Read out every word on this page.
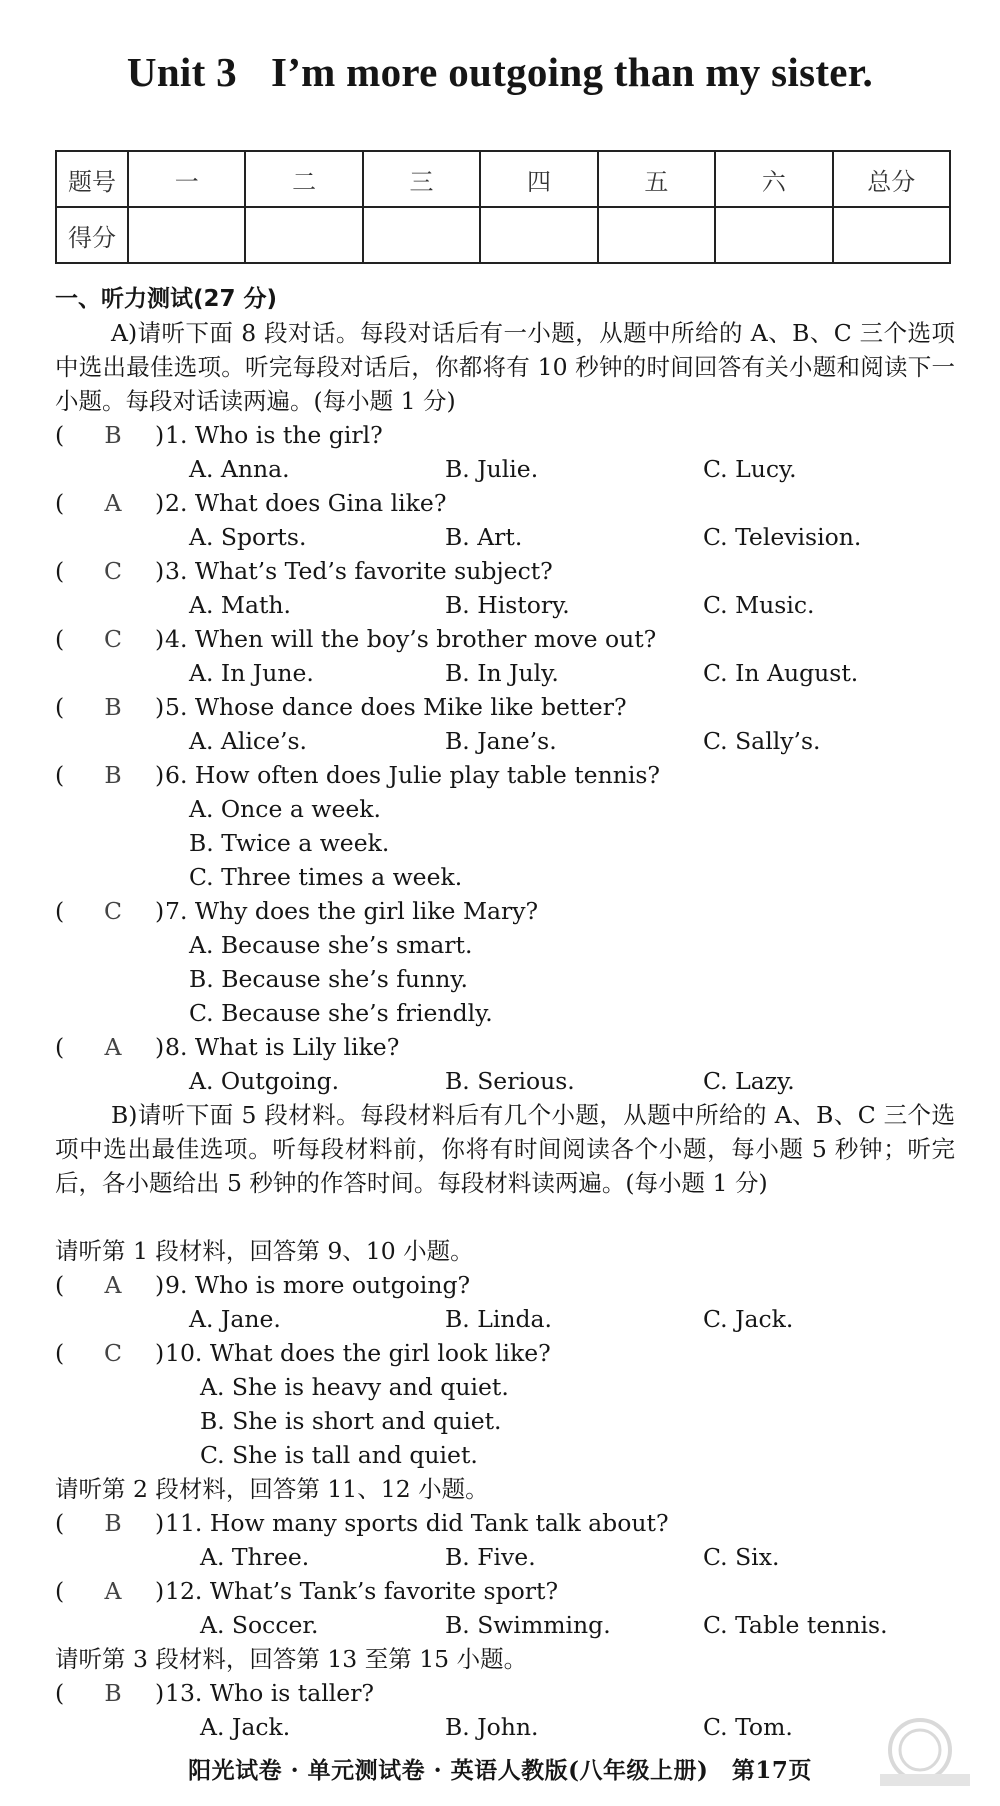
Unit 3 I’m more outgoing than my sister.
题号	一	二	三	四	五	六	总分
得分							
一、听力测试(27 分)
A)请听下面 8 段对话。每段对话后有一小题，从题中所给的 A、B、C 三个选项中选出最佳选项。听完每段对话后，你都将有 10 秒钟的时间回答有关小题和阅读下一小题。每段对话读两遍。(每小题 1 分)
(	B	) 1. Who is the girl?
A. Anna.	B. Julie.	C. Lucy.
(	A	) 2. What does Gina like?
A. Sports.	B. Art.	C. Television.
(	C	) 3. What’s Ted’s favorite subject?
A. Math.	B. History.	C. Music.
(	C	) 4. When will the boy’s brother move out?
A. In June.	B. In July.	C. In August.
(	B	) 5. Whose dance does Mike like better?
A. Alice’s.	B. Jane’s.	C. Sally’s.
(	B	) 6. How often does Julie play table tennis?
A. Once a week.
B. Twice a week.
C. Three times a week.
(	C	) 7. Why does the girl like Mary?
A. Because she’s smart.
B. Because she’s funny.
C. Because she’s friendly.
(	A	) 8. What is Lily like?
A. Outgoing.	B. Serious.	C. Lazy.
B)请听下面 5 段材料。每段材料后有几个小题，从题中所给的 A、B、C 三个选项中选出最佳选项。听每段材料前，你将有时间阅读各个小题，每小题 5 秒钟；听完后，各小题给出 5 秒钟的作答时间。每段材料读两遍。(每小题 1 分)
请听第 1 段材料，回答第 9、10 小题。
(	A	) 9. Who is more outgoing?
A. Jane.	B. Linda.	C. Jack.
(	C	) 10. What does the girl look like?
A. She is heavy and quiet.
B. She is short and quiet.
C. She is tall and quiet.
请听第 2 段材料，回答第 11、12 小题。
(	B	) 11. How many sports did Tank talk about?
A. Three.	B. Five.	C. Six.
(	A	) 12. What’s Tank’s favorite sport?
A. Soccer.	B. Swimming.	C. Table tennis.
请听第 3 段材料，回答第 13 至第 15 小题。
(	B	) 13. Who is taller?
A. Jack.	B. John.	C. Tom.
阳光试卷 · 单元测试卷 · 英语人教版(八年级上册)　第17页
